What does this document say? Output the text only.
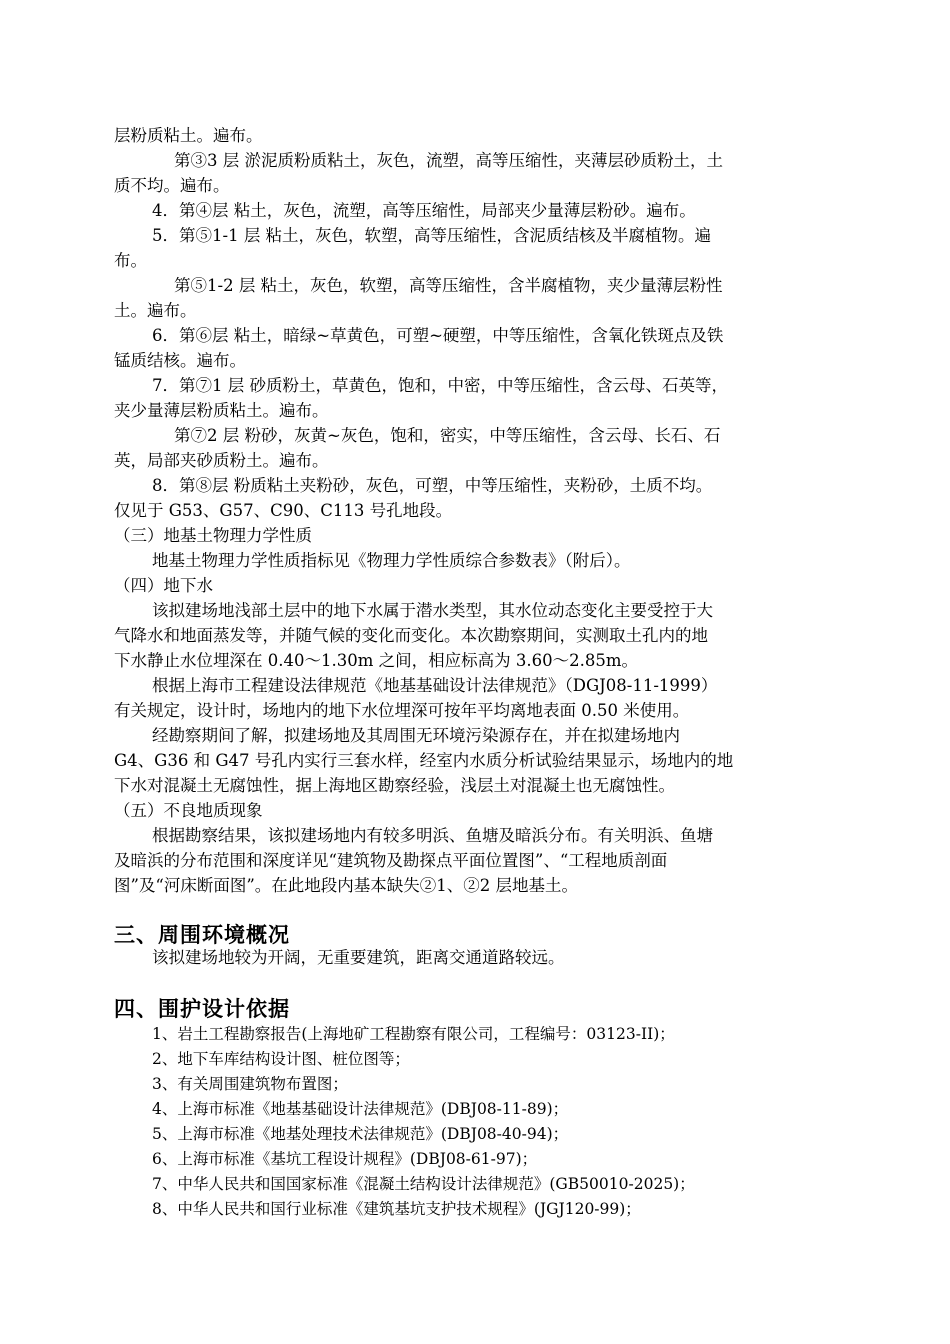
层粉质粘土。遍布。
第③3 层 淤泥质粉质粘土，灰色，流塑，高等压缩性，夹薄层砂质粉土，土
质不均。遍布。
4．第④层 粘土，灰色，流塑，高等压缩性，局部夹少量薄层粉砂。遍布。
5．第⑤1-1 层 粘土，灰色，软塑，高等压缩性，含泥质结核及半腐植物。遍
布。
第⑤1-2 层 粘土，灰色，软塑，高等压缩性，含半腐植物，夹少量薄层粉性
土。遍布。
6．第⑥层 粘土，暗绿~草黄色，可塑~硬塑，中等压缩性，含氧化铁斑点及铁
锰质结核。遍布。
7．第⑦1 层 砂质粉土，草黄色，饱和，中密，中等压缩性，含云母、石英等，
夹少量薄层粉质粘土。遍布。
第⑦2 层 粉砂，灰黄~灰色，饱和，密实，中等压缩性，含云母、长石、石
英，局部夹砂质粉土。遍布。
8．第⑧层 粉质粘土夹粉砂，灰色，可塑，中等压缩性，夹粉砂，土质不均。
仅见于 G53、G57、C90、C113 号孔地段。
（三）地基土物理力学性质
地基土物理力学性质指标见《物理力学性质综合参数表》（附后）。
（四）地下水
该拟建场地浅部土层中的地下水属于潜水类型，其水位动态变化主要受控于大
气降水和地面蒸发等，并随气候的变化而变化。本次勘察期间，实测取土孔内的地
下水静止水位埋深在 0.40～1.30m 之间，相应标高为 3.60～2.85m。
根据上海市工程建设法律规范《地基基础设计法律规范》（DGJ08-11-1999）
有关规定，设计时，场地内的地下水位埋深可按年平均离地表面 0.50 米使用。
经勘察期间了解，拟建场地及其周围无环境污染源存在，并在拟建场地内
G4、G36 和 G47 号孔内实行三套水样，经室内水质分析试验结果显示，场地内的地
下水对混凝土无腐蚀性，据上海地区勘察经验，浅层土对混凝土也无腐蚀性。
（五）不良地质现象
根据勘察结果，该拟建场地内有较多明浜、鱼塘及暗浜分布。有关明浜、鱼塘
及暗浜的分布范围和深度详见“建筑物及勘探点平面位置图”、“工程地质剖面
图”及“河床断面图”。在此地段内基本缺失②1、②2 层地基土。
三、周围环境概况
该拟建场地较为开阔，无重要建筑，距离交通道路较远。
四、围护设计依据
1、岩土工程勘察报告(上海地矿工程勘察有限公司，工程编号：03123-II)；
2、地下车库结构设计图、桩位图等；
3、有关周围建筑物布置图；
4、上海市标准《地基基础设计法律规范》(DBJ08-11-89)；
5、上海市标准《地基处理技术法律规范》(DBJ08-40-94)；
6、上海市标准《基坑工程设计规程》(DBJ08-61-97)；
7、中华人民共和国国家标准《混凝土结构设计法律规范》(GB50010-2025)；
8、中华人民共和国行业标准《建筑基坑支护技术规程》(JGJ120-99)；
